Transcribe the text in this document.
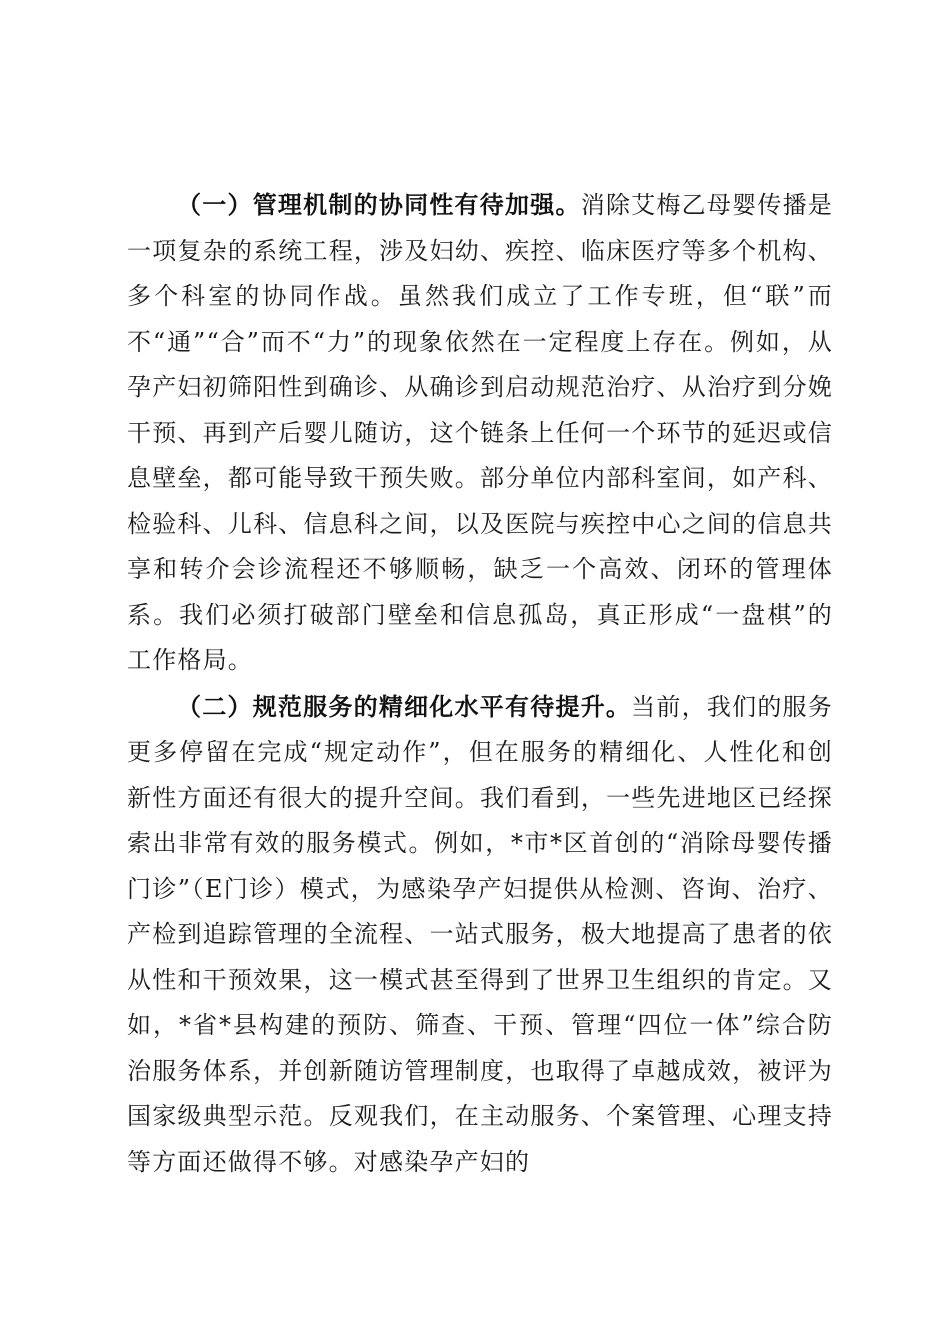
（一）管理机制的协同性有待加强。消除艾梅乙母婴传播是一项复杂的系统工程，涉及妇幼、疾控、临床医疗等多个机构、多个科室的协同作战。虽然我们成立了工作专班，但“联”而不“通”“合”而不“力”的现象依然在一定程度上存在。例如，从孕产妇初筛阳性到确诊、从确诊到启动规范治疗、从治疗到分娩干预、再到产后婴儿随访，这个链条上任何一个环节的延迟或信息壁垒，都可能导致干预失败。部分单位内部科室间，如产科、检验科、儿科、信息科之间，以及医院与疾控中心之间的信息共享和转介会诊流程还不够顺畅，缺乏一个高效、闭环的管理体系。我们必须打破部门壁垒和信息孤岛，真正形成“一盘棋”的工作格局。

（二）规范服务的精细化水平有待提升。当前，我们的服务更多停留在完成“规定动作”，但在服务的精细化、人性化和创新性方面还有很大的提升空间。我们看到，一些先进地区已经探索出非常有效的服务模式。例如，*市*区首创的“消除母婴传播门诊”（E门诊）模式，为感染孕产妇提供从检测、咨询、治疗、产检到追踪管理的全流程、一站式服务，极大地提高了患者的依从性和干预效果，这一模式甚至得到了世界卫生组织的肯定。又如，*省*县构建的预防、筛查、干预、管理“四位一体”综合防治服务体系，并创新随访管理制度，也取得了卓越成效，被评为国家级典型示范。反观我们，在主动服务、个案管理、心理支持等方面还做得不够。对感染孕产妇的
